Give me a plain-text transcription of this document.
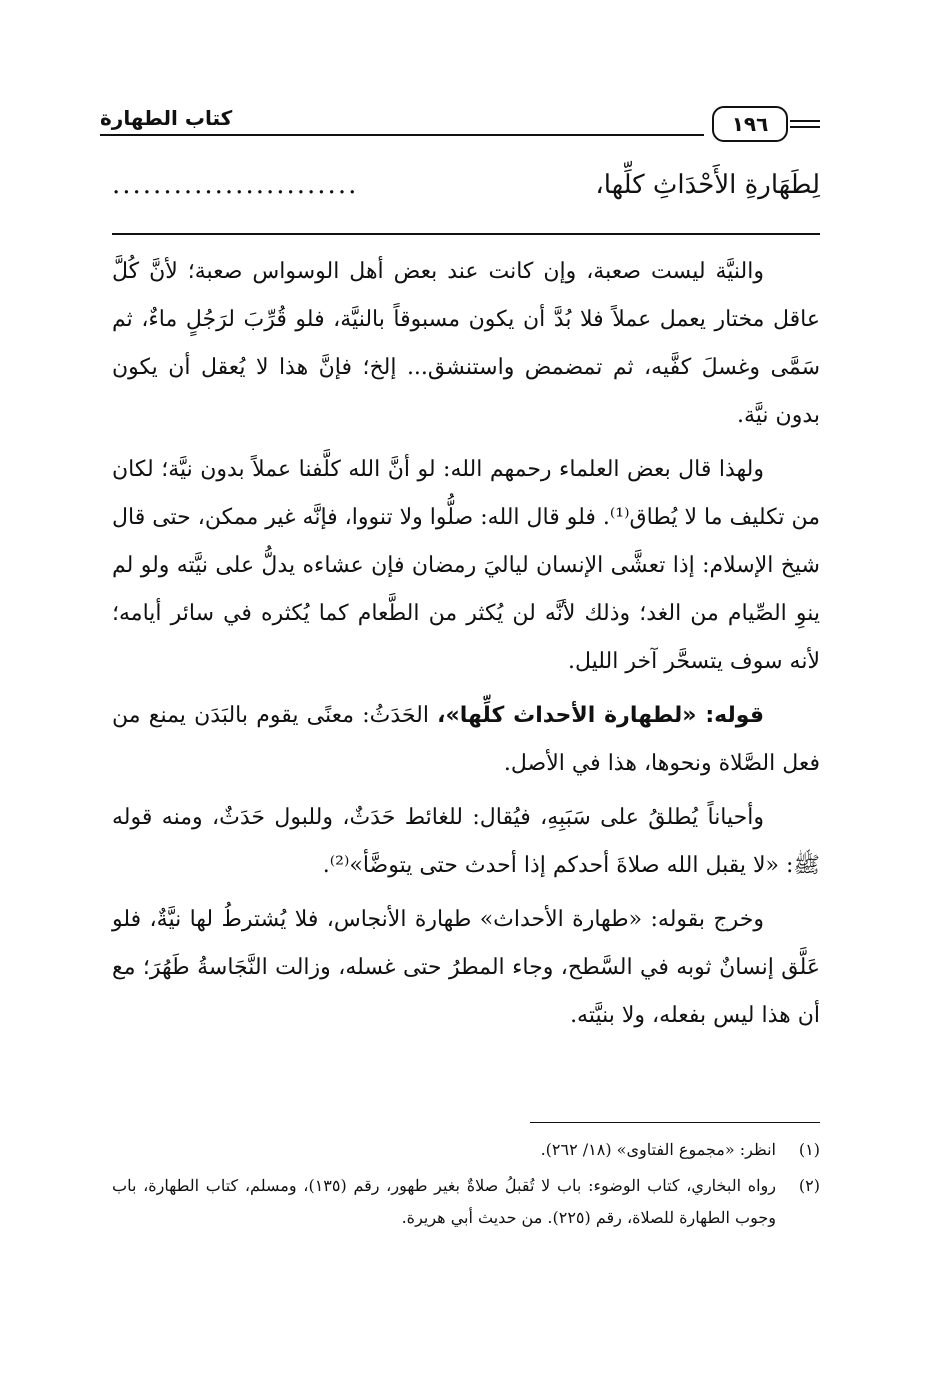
كتاب الطهارة	١٩٦
لِطَهَارةِ الأَحْدَاثِ كلِّها،
........................

والنيَّة ليست صعبة، وإن كانت عند بعض أهل الوسواس صعبة؛ لأنَّ كُلَّ عاقل مختار يعمل عملاً فلا بُدَّ أن يكون مسبوقاً بالنيَّة، فلو قُرِّبَ لرَجُلٍ ماءٌ، ثم سَمَّى وغسلَ كفَّيه، ثم تمضمض واستنشق... إلخ؛ فإنَّ هذا لا يُعقل أن يكون بدون نيَّة.

ولهذا قال بعض العلماء رحمهم الله: لو أنَّ الله كلَّفنا عملاً بدون نيَّة؛ لكان من تكليف ما لا يُطاق⁽¹⁾. فلو قال الله: صلُّوا ولا تنووا، فإنَّه غير ممكن، حتى قال شيخ الإسلام: إذا تعشَّى الإنسان لياليَ رمضان فإن عشاءه يدلُّ على نيَّته ولو لم ينوِ الصِّيام من الغد؛ وذلك لأنَّه لن يُكثر من الطَّعام كما يُكثره في سائر أيامه؛ لأنه سوف يتسحَّر آخر الليل.

قوله: «لطهارة الأحداث كلِّها»، الحَدَثُ: معنًى يقوم بالبَدَن يمنع من فعل الصَّلاة ونحوها، هذا في الأصل.

وأحياناً يُطلقُ على سَبَبِهِ، فيُقال: للغائط حَدَثٌ، وللبول حَدَثٌ، ومنه قوله ﷺ: «لا يقبل الله صلاةَ أحدكم إذا أحدث حتى يتوضَّأ»⁽²⁾.

وخرج بقوله: «طهارة الأحداث» طهارة الأنجاس، فلا يُشترطُ لها نيَّةٌ، فلو عَلَّق إنسانٌ ثوبه في السَّطح، وجاء المطرُ حتى غسله، وزالت النَّجَاسةُ طَهُرَ؛ مع أن هذا ليس بفعله، ولا بنيَّته.

(١)
انظر: «مجموع الفتاوى» (١٨/ ٢٦٢).
(٢)
رواه البخاري، كتاب الوضوء: باب لا تُقبلُ صلاةٌ بغير طهور، رقم (١٣٥)، ومسلم، كتاب الطهارة، باب وجوب الطهارة للصلاة، رقم (٢٢٥). من حديث أبي هريرة.
